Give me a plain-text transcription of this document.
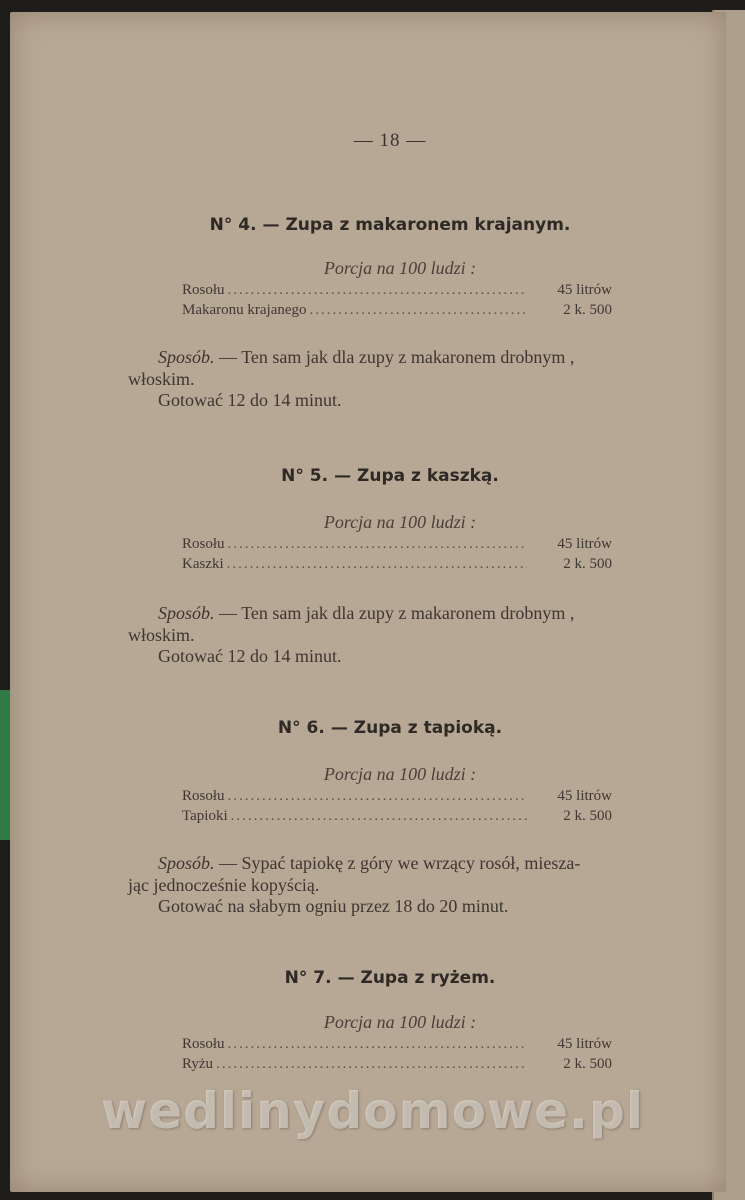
— 18 —
N° 4. — Zupa z makaronem krajanym.
Porcja na 100 ludzi :
Rosołu .....	45 litrów
Makaronu krajanego .....	2 k. 500
Sposób. — Ten sam jak dla zupy z makaronem drobnym ,
włoskim.
Gotować 12 do 14 minut.
N° 5. — Zupa z kaszką.
Porcja na 100 ludzi :
Rosołu .....	45 litrów
Kaszki .....	2 k. 500
Sposób. — Ten sam jak dla zupy z makaronem drobnym ,
włoskim.
Gotować 12 do 14 minut.
N° 6. — Zupa z tapioką.
Porcja na 100 ludzi :
Rosołu .....	45 litrów
Tapioki .....	2 k. 500
Sposób. — Sypać tapiokę z góry we wrzący rosół, miesza-
jąc jednocześnie kopyścią.
Gotować na słabym ogniu przez 18 do 20 minut.
N° 7. — Zupa z ryżem.
Porcja na 100 ludzi :
Rosołu .....	45 litrów
Ryżu .....	2 k. 500
wedlinydomowe.pl
